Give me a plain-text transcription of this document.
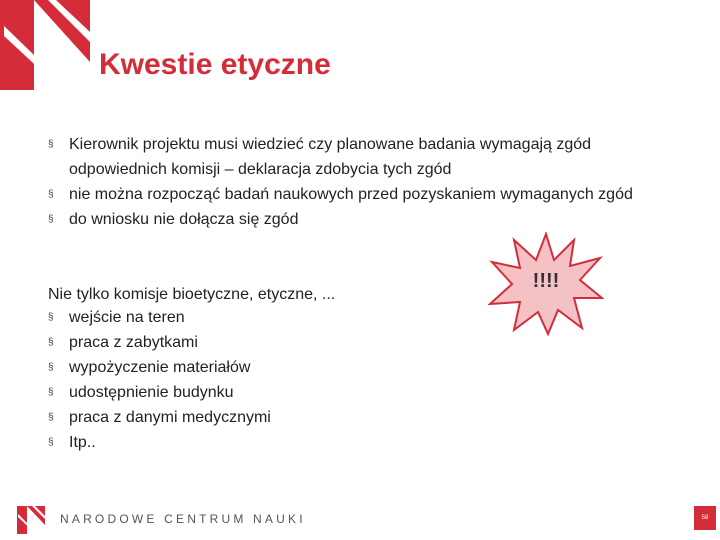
Kwestie etyczne
§ Kierownik projektu musi wiedzieć czy planowane badania wymagają zgód odpowiednich komisji – deklaracja zdobycia tych zgód
§ nie można rozpocząć badań naukowych przed pozyskaniem wymaganych zgód
§ do wniosku nie dołącza się zgód
!!!!
Nie tylko komisje bioetyczne, etyczne, ...
§ wejście na teren
§ praca z zabytkami
§ wypożyczenie materiałów
§ udostępnienie budynku
§ praca z danymi medycznymi
§ Itp..
NARODOWE CENTRUM NAUKI	58
